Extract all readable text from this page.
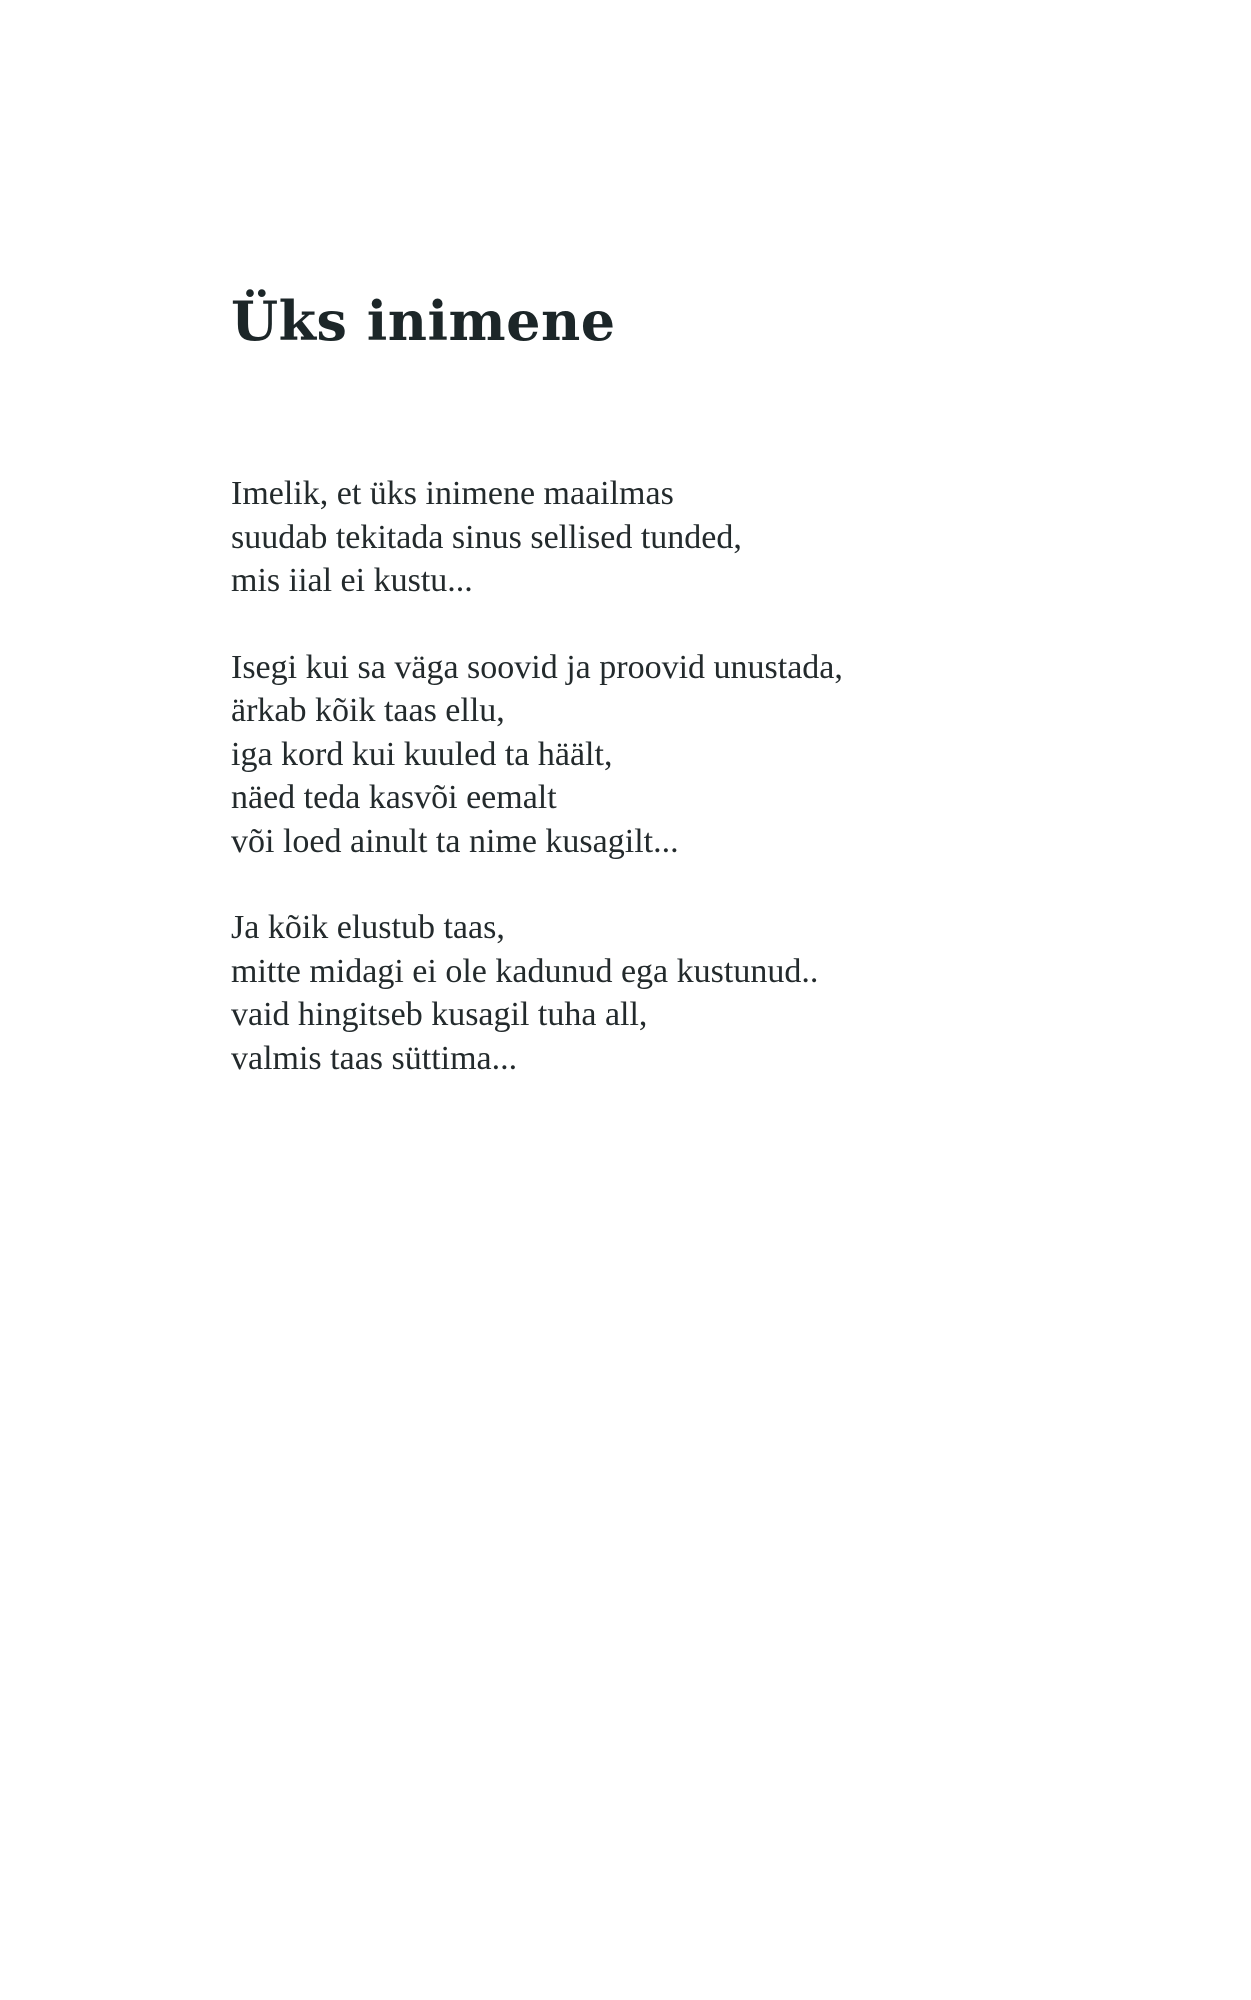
Üks inimene
Imelik, et üks inimene maailmas
suudab tekitada sinus sellised tunded,
mis iial ei kustu...
Isegi kui sa väga soovid ja proovid unustada,
ärkab kõik taas ellu,
iga kord kui kuuled ta häält,
näed teda kasvõi eemalt
või loed ainult ta nime kusagilt...
Ja kõik elustub taas,
mitte midagi ei ole kadunud ega kustunud..
vaid hingitseb kusagil tuha all,
valmis taas süttima...
